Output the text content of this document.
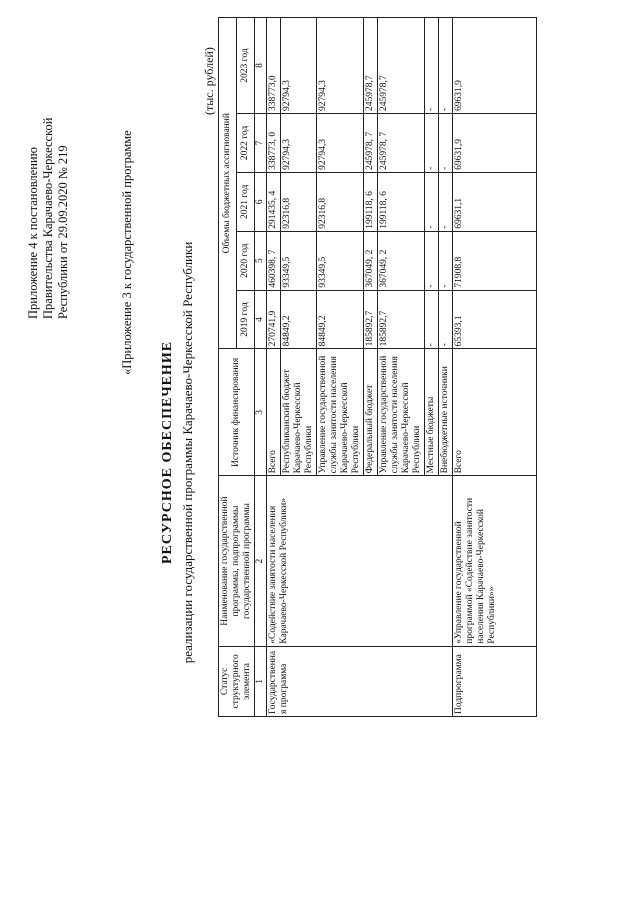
Приложение 4 к постановлению Правительства Карачаево-Черкесской Республики от 29.09.2020 № 219	«Приложение 3 к государственной программе
РЕСУРСНОЕ ОБЕСПЕЧЕНИЕ реализации государственной программы Карачаево-Черкесской Республики
(тыс. рублей)
Статус структурного элемента	Наименование государственной программы, подпрограммы государственной программы	Источник финансирования	Объемы бюджетных ассигнований				
			2019 год	2020 год	2021 год	2022 год	2023 год
1	2	3	4	5	6	7	8
Государственна я программа	«Содействие занятости населения Карачаево-Черкесской Республики»	Всего	270741,9	460398, 7	291435, 4	338773, 0	338773,0
		Республиканский бюджет Карачаево-Черкесской Республики	84849,2	93349,5	92316,8	92794,3	92794,3
		Управление государственной службы занятости населения Карачаево-Черкесской Республики	84849,2	93349,5	92316,8	92794,3	92794,3
		Федеральный бюджет	185892,7	367049, 2	199118, 6	245978, 7	245978,7
		Управление государственной службы занятости населения Карачаево-Черкесской Республики	185892,7	367049, 2	199118, 6	245978, 7	245978,7
		Местные бюджеты	-	-	-	-	-
		Внебюджетные источники	-	-	-	-	-
Подпрограмма	«Управление государственной программой «Содействие занятости населения Карачаево-Черкесской Республики»»	Всего	65393,1	71908,8	69631,1	69631,9	69631,9
